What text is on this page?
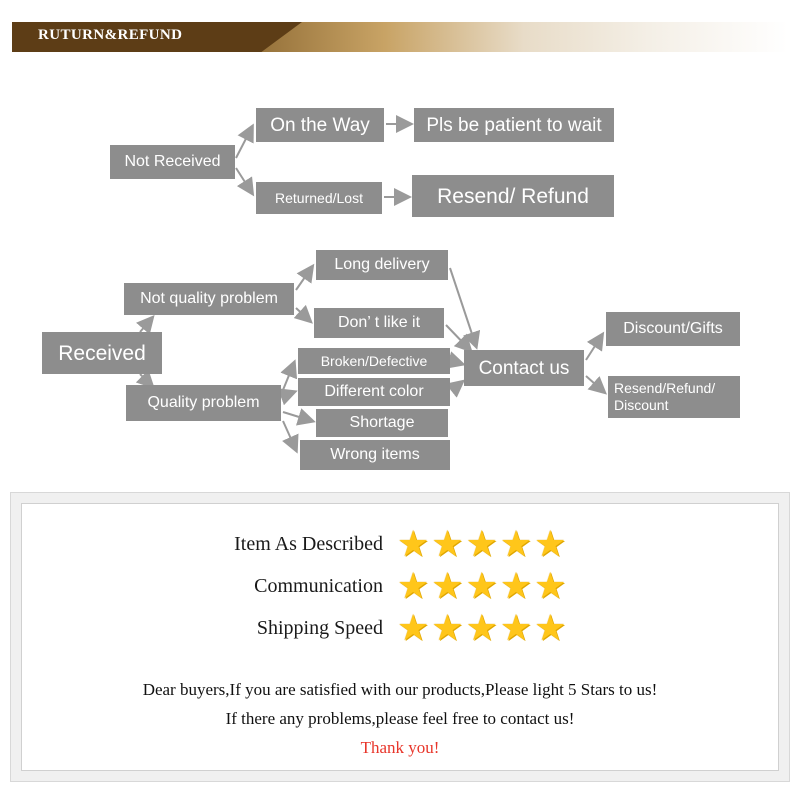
RUTURN&REFUND
Not Received
On the Way	Pls be patient to wait
Returned/Lost	Resend/ Refund
Received
Not quality problem
Quality problem
Long delivery
Don’ t like it
Broken/Defective
Different color
Shortage
Wrong items
Contact us
Discount/Gifts
Resend/Refund/
Discount
Item As Described ★ ★ ★ ★ ★
Communication ★ ★ ★ ★ ★
Shipping Speed ★ ★ ★ ★ ★
Dear buyers,If you are satisfied with our products,Please light 5 Stars to us!
If there any problems,please feel free to contact us!
Thank you!
